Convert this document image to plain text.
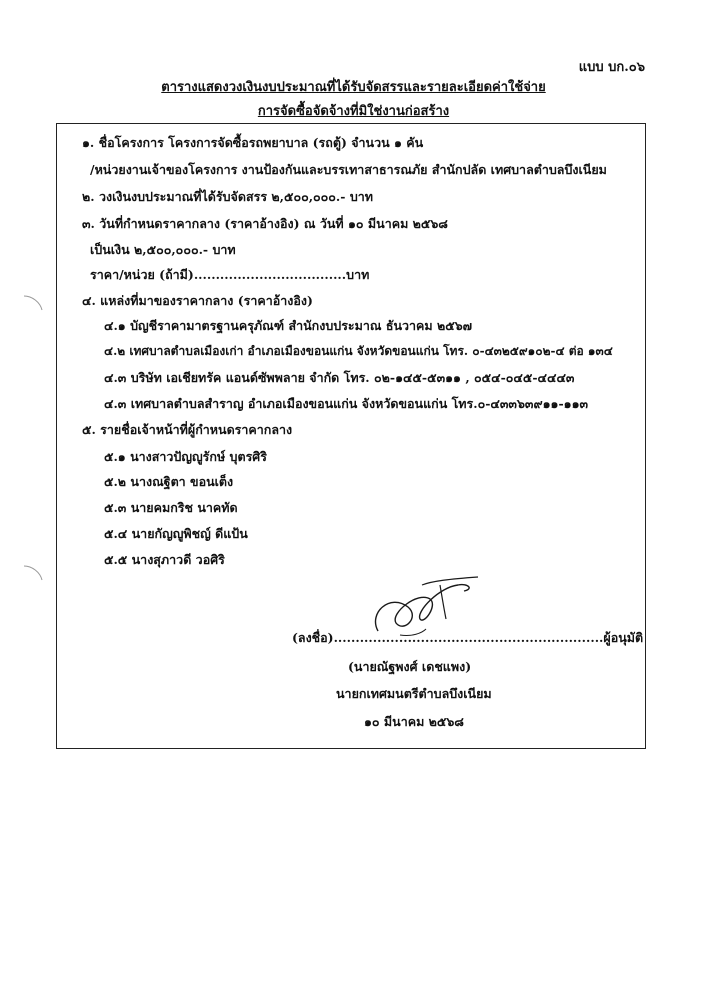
แบบ บก.๐๖
ตารางแสดงวงเงินงบประมาณที่ได้รับจัดสรรและรายละเอียดค่าใช้จ่าย
การจัดซื้อจัดจ้างที่มิใช่งานก่อสร้าง
๑. ชื่อโครงการ โครงการจัดซื้อรถพยาบาล (รถตู้) จำนวน ๑ คัน
/หน่วยงานเจ้าของโครงการ งานป้องกันและบรรเทาสาธารณภัย สำนักปลัด เทศบาลตำบลบึงเนียม
๒. วงเงินงบประมาณที่ได้รับจัดสรร ๒,๕๐๐,๐๐๐.- บาท
๓. วันที่กำหนดราคากลาง (ราคาอ้างอิง) ณ วันที่ ๑๐ มีนาคม ๒๕๖๘
เป็นเงิน ๒,๕๐๐,๐๐๐.- บาท
ราคา/หน่วย (ถ้ามี)...................................บาท
๔. แหล่งที่มาของราคากลาง (ราคาอ้างอิง)
๔.๑ บัญชีราคามาตรฐานครุภัณฑ์ สำนักงบประมาณ ธันวาคม ๒๕๖๗
๔.๒ เทศบาลตำบลเมืองเก่า อำเภอเมืองขอนแก่น จังหวัดขอนแก่น โทร. ๐-๔๓๒๕๙๑๐๒-๔ ต่อ ๑๓๔
๔.๓ บริษัท เอเชียทรัค แอนด์ซัพพลาย จำกัด โทร. ๐๒-๑๔๕-๕๓๑๑ , ๐๕๔-๐๔๕-๔๔๔๓
๔.๓ เทศบาลตำบลสำราญ อำเภอเมืองขอนแก่น จังหวัดขอนแก่น โทร.๐-๔๓๓๖๓๙๑๑-๑๑๓
๕. รายชื่อเจ้าหน้าที่ผู้กำหนดราคากลาง
๕.๑ นางสาวปัญญูรักษ์ บุตรศิริ
๕.๒ นางณฐิตา ขอนเต็ง
๕.๓ นายคมกริช นาคทัด
๕.๔ นายกัญญูพิชญ์ ดีแป้น
๕.๕ นางสุภาวดี วอศิริ
(ลงชื่อ)..............................................................ผู้อนุมัติ
(นายณัฐพงศ์ เดชแพง)
นายกเทศมนตรีตำบลบึงเนียม
๑๐ มีนาคม ๒๕๖๘
